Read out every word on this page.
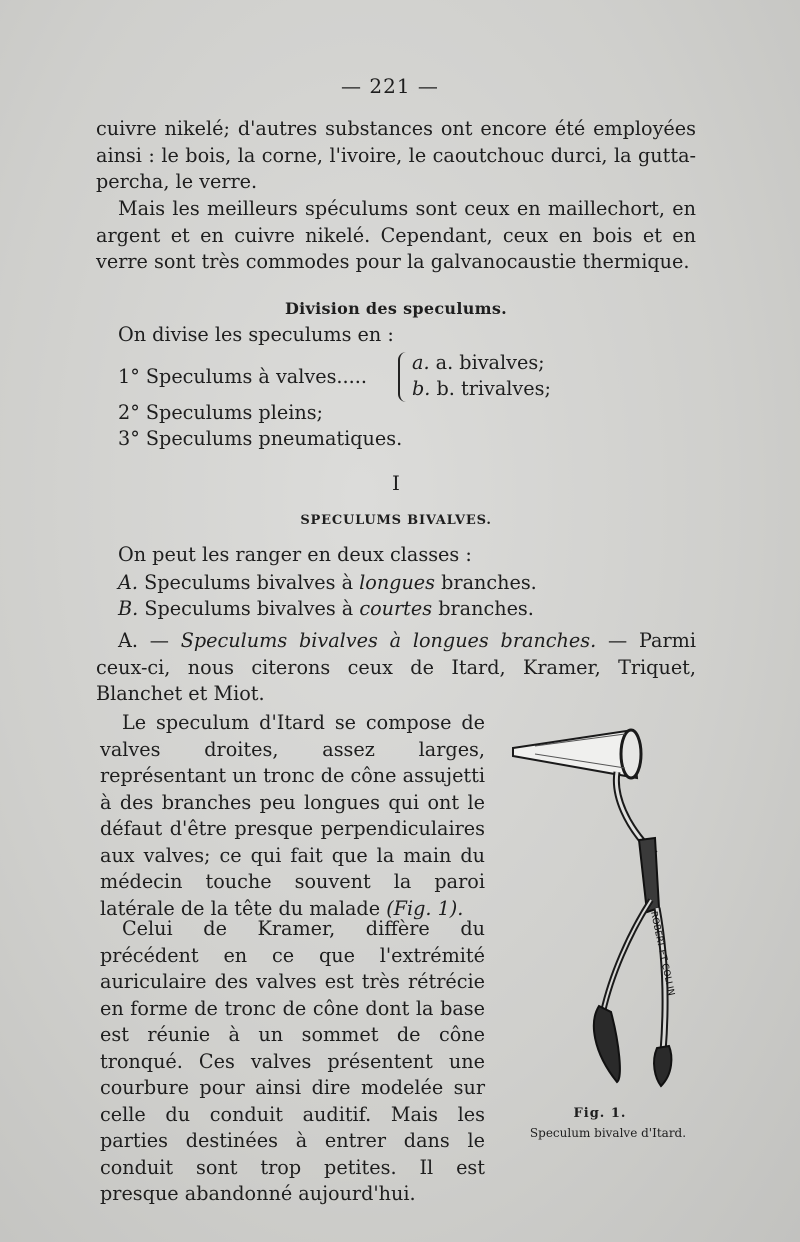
— 221 —
cuivre nikelé; d'autres substances ont encore été employées ainsi : le bois, la corne, l'ivoire, le caoutchouc durci, la gutta-percha, le verre.
Mais les meilleurs spéculums sont ceux en maillechort, en argent et en cuivre nikelé. Cependant, ceux en bois et en verre sont très commodes pour la galvanocaustie thermique.
Division des speculums.
On divise les speculums en :
1° Speculums à valves.....
a. a. bivalves;
b. b. trivalves;
2° Speculums pleins;
3° Speculums pneumatiques.
I
SPECULUMS BIVALVES.
On peut les ranger en deux classes :
A. Speculums bivalves à longues branches.
B. Speculums bivalves à courtes branches.
A. — Speculums bivalves à longues branches. — Parmi ceux-ci, nous citerons ceux de Itard, Kramer, Triquet, Blanchet et Miot.
Le speculum d'Itard se compose de valves droites, assez larges, représentant un tronc de cône assujetti à des branches peu longues qui ont le défaut d'être presque perpendiculaires aux valves; ce qui fait que la main du médecin touche souvent la paroi latérale de la tête du malade (Fig. 1).
Celui de Kramer, diffère du précédent en ce que l'extrémité auriculaire des valves est très rétrécie en forme de tronc de cône dont la base est réunie à un sommet de cône tronqué. Ces valves présentent une courbure pour ainsi dire modelée sur celle du conduit auditif. Mais les parties destinées à entrer dans le conduit sont trop petites. Il est presque abandonné aujourd'hui.
ROBERT ET COLLIN
Fig. 1.
Speculum bivalve d'Itard.
